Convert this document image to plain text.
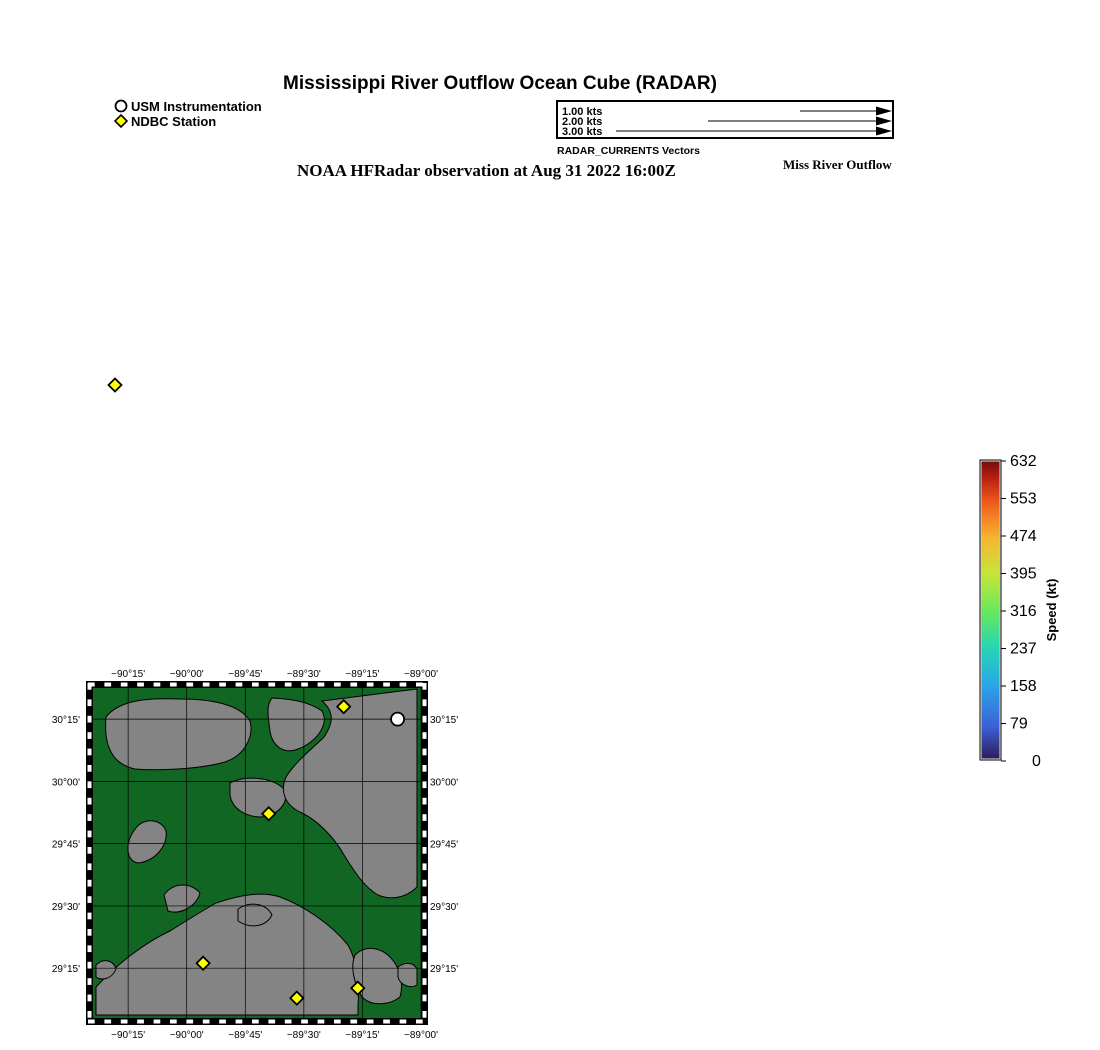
Mississippi River Outflow Ocean Cube (RADAR)
USM Instrumentation
NDBC Station
1.00 kts
2.00 kts
3.00 kts
RADAR_CURRENTS Vectors
NOAA HFRadar observation at Aug 31 2022 16:00Z	Miss River Outflow
632
553
474
395
316
237
158
79
0
Speed (kt)
−90°15'
−90°15'
−90°00'
−90°00'
−89°45'
−89°45'
−89°30'
−89°30'
−89°15'
−89°15'
−89°00'
−89°00'
30°15'	30°15'
30°00'	30°00'
29°45'	29°45'
29°30'	29°30'
29°15'	29°15'
